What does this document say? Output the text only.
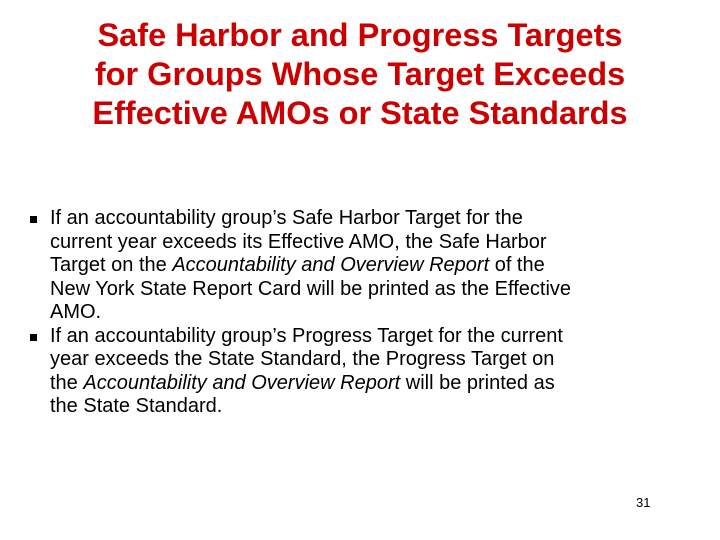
Safe Harbor and Progress Targets
for Groups Whose Target Exceeds
Effective AMOs or State Standards
If an accountability group’s Safe Harbor Target for the
current year exceeds its Effective AMO, the Safe Harbor
Target on the Accountability and Overview Report of the
New York State Report Card will be printed as the Effective
AMO.
If an accountability group’s Progress Target for the current
year exceeds the State Standard, the Progress Target on
the Accountability and Overview Report will be printed as
the State Standard.
31
